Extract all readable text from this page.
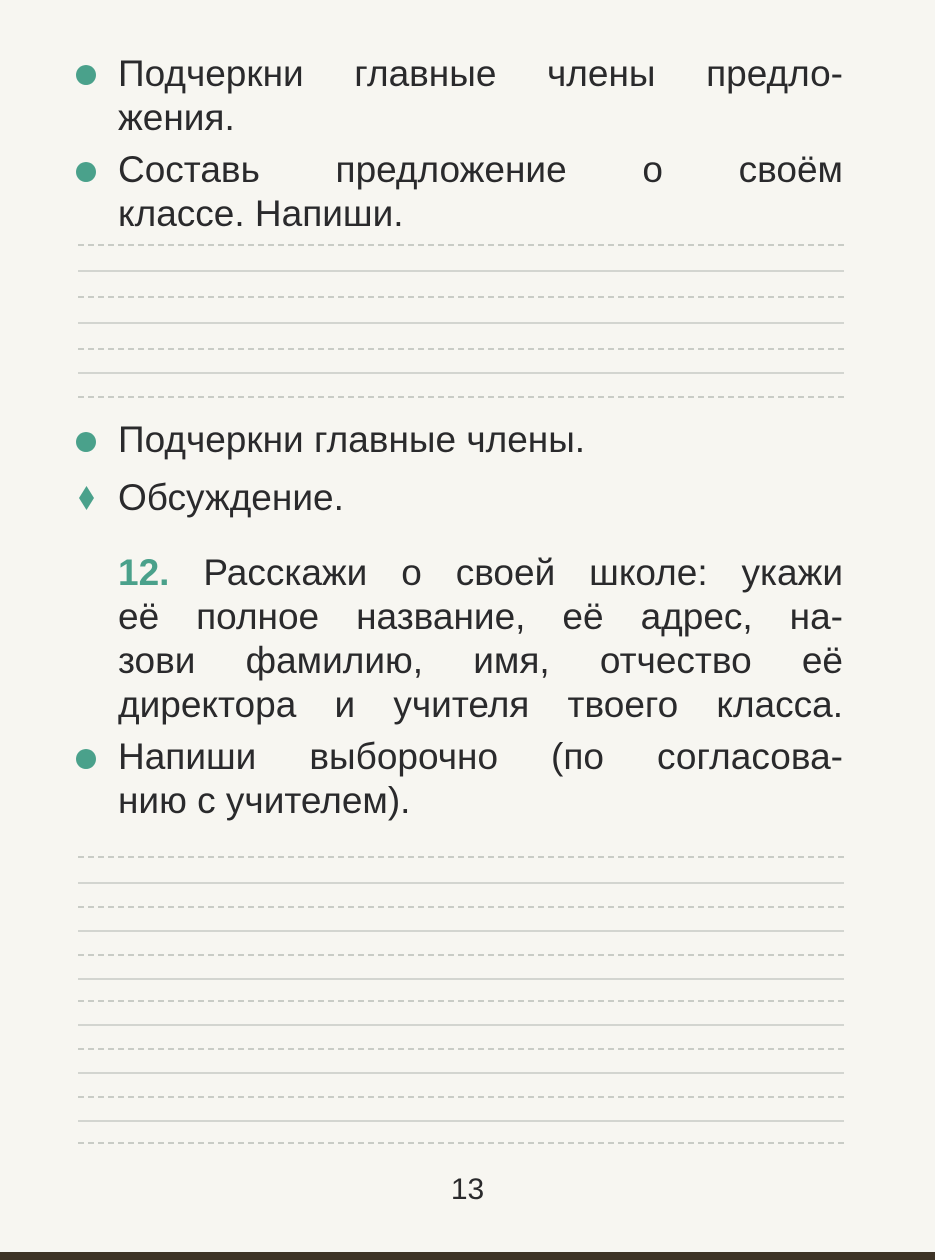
Подчеркни главные члены предло-
жения.
Составь предложение о своём
классе. Напиши.
Подчеркни главные члены.
Обсуждение.
12. Расскажи о своей школе: укажи
её полное название, её адрес, на-
зови фамилию, имя, отчество её
директора и учителя твоего класса.
Напиши выборочно (по согласова-
нию с учителем).
13
